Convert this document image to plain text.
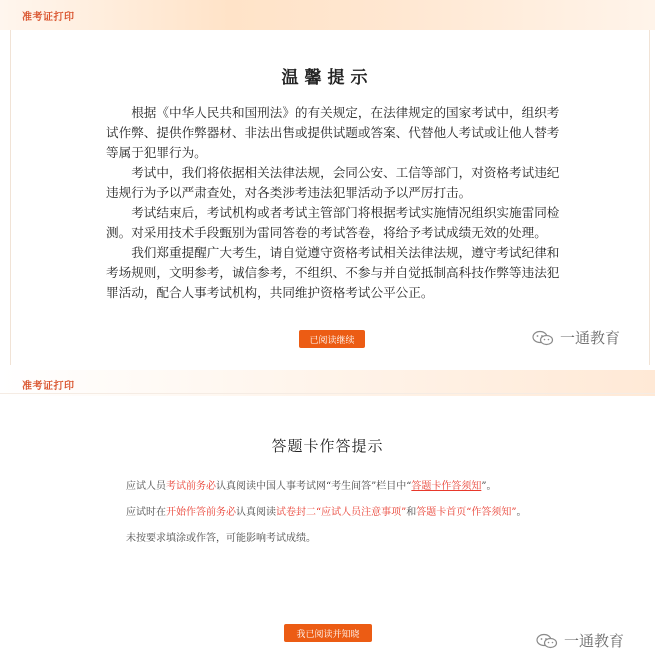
准考证打印
温馨提示

根据《中华人民共和国刑法》的有关规定，在法律规定的国家考试中，组织考试作弊、提供作弊器材、非法出售或提供试题或答案、代替他人考试或让他人替考等属于犯罪行为。

考试中，我们将依据相关法律法规，会同公安、工信等部门，对资格考试违纪违规行为予以严肃查处，对各类涉考违法犯罪活动予以严厉打击。

考试结束后，考试机构或者考试主管部门将根据考试实施情况组织实施雷同检测。对采用技术手段甄别为雷同答卷的考试答卷，将给予考试成绩无效的处理。

我们郑重提醒广大考生，请自觉遵守资格考试相关法律法规，遵守考试纪律和考场规则，文明参考，诚信参考，不组织、不参与并自觉抵制高科技作弊等违法犯罪活动，配合人事考试机构，共同维护资格考试公平公正。

已阅读继续	一通教育
准考证打印
答题卡作答提示

应试人员考试前务必认真阅读中国人事考试网“考生间答”栏目中“答题卡作答须知”。

应试时在开始作答前务必认真阅读试卷封二“应试人员注意事项”和答题卡首页“作答须知”。

未按要求填涂或作答，可能影响考试成绩。

我已阅读并知晓	一通教育
